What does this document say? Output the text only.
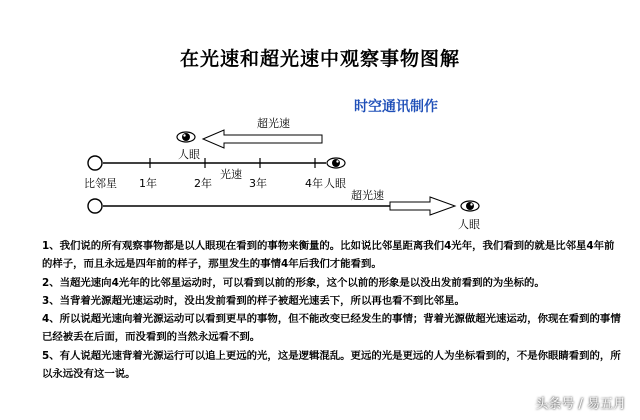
在光速和超光速中观察事物图解
时空通讯制作
超光速
人眼
比邻星 1年	2年	3年	4年
光速
人眼
超光速
人眼

1、我们说的所有观察事物都是以人眼现在看到的事物来衡量的。比如说比邻星距离我们4光年，我们看到的就是比邻星4年前的样子，而且永远是四年前的样子，那里发生的事情4年后我们才能看到。

2、当超光速向4光年的比邻星运动时，可以看到以前的形象，这个以前的形象是以没出发前看到的为坐标的。

3、当背着光源超光速运动时，没出发前看到的样子被超光速丢下，所以再也看不到比邻星。

4、所以说超光速向着光源运动可以看到更早的事物，但不能改变已经发生的事情；背着光源做超光速运动，你现在看到的事情已经被丢在后面，而没看到的当然永远看不到。

5、有人说超光速背着光源运行可以追上更远的光，这是逻辑混乱。更远的光是更远的人为坐标看到的，不是你眼睛看到的，所以永远没有这一说。

头条号 / 易五月
